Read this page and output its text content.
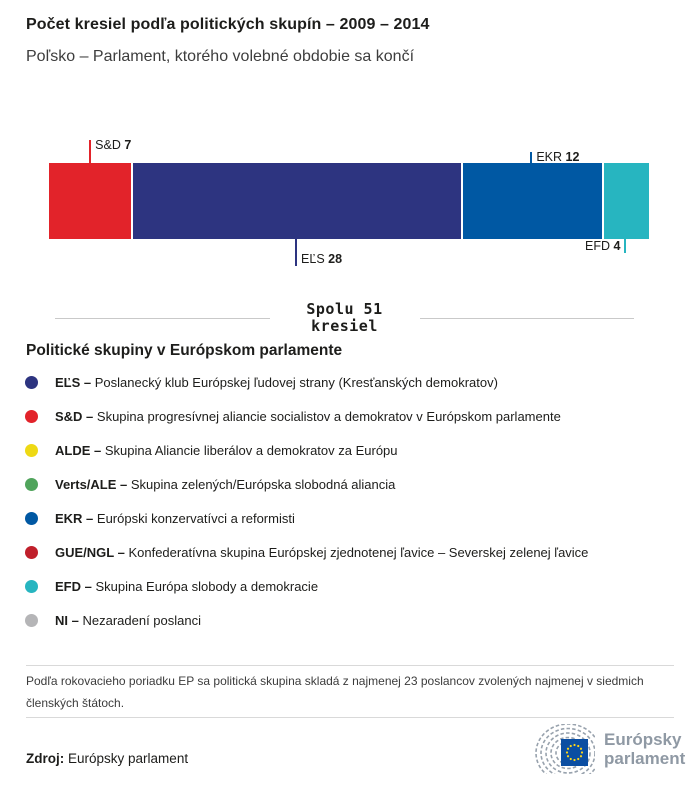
Počet kresiel podľa politických skupín – 2009 – 2014
Poľsko – Parlament, ktorého volebné obdobie sa končí
S&D 7
EĽS 28
EKR 12
EFD 4
Spolu 51
kresiel
Politické skupiny v Európskom parlamente
EĽS – Poslanecký klub Európskej ľudovej strany (Kresťanských demokratov)
S&D – Skupina progresívnej aliancie socialistov a demokratov v Európskom parlamente
ALDE – Skupina Aliancie liberálov a demokratov za Európu
Verts/ALE – Skupina zelených/Európska slobodná aliancia
EKR – Európski konzervatívci a reformisti
GUE/NGL – Konfederatívna skupina Európskej zjednotenej ľavice – Severskej zelenej ľavice
EFD – Skupina Európa slobody a demokracie
NI – Nezaradení poslanci
Podľa rokovacieho poriadku EP sa politická skupina skladá z najmenej 23 poslancov zvolených najmenej v siedmich členských štátoch.
Zdroj: Európsky parlament
Európsky
parlament
